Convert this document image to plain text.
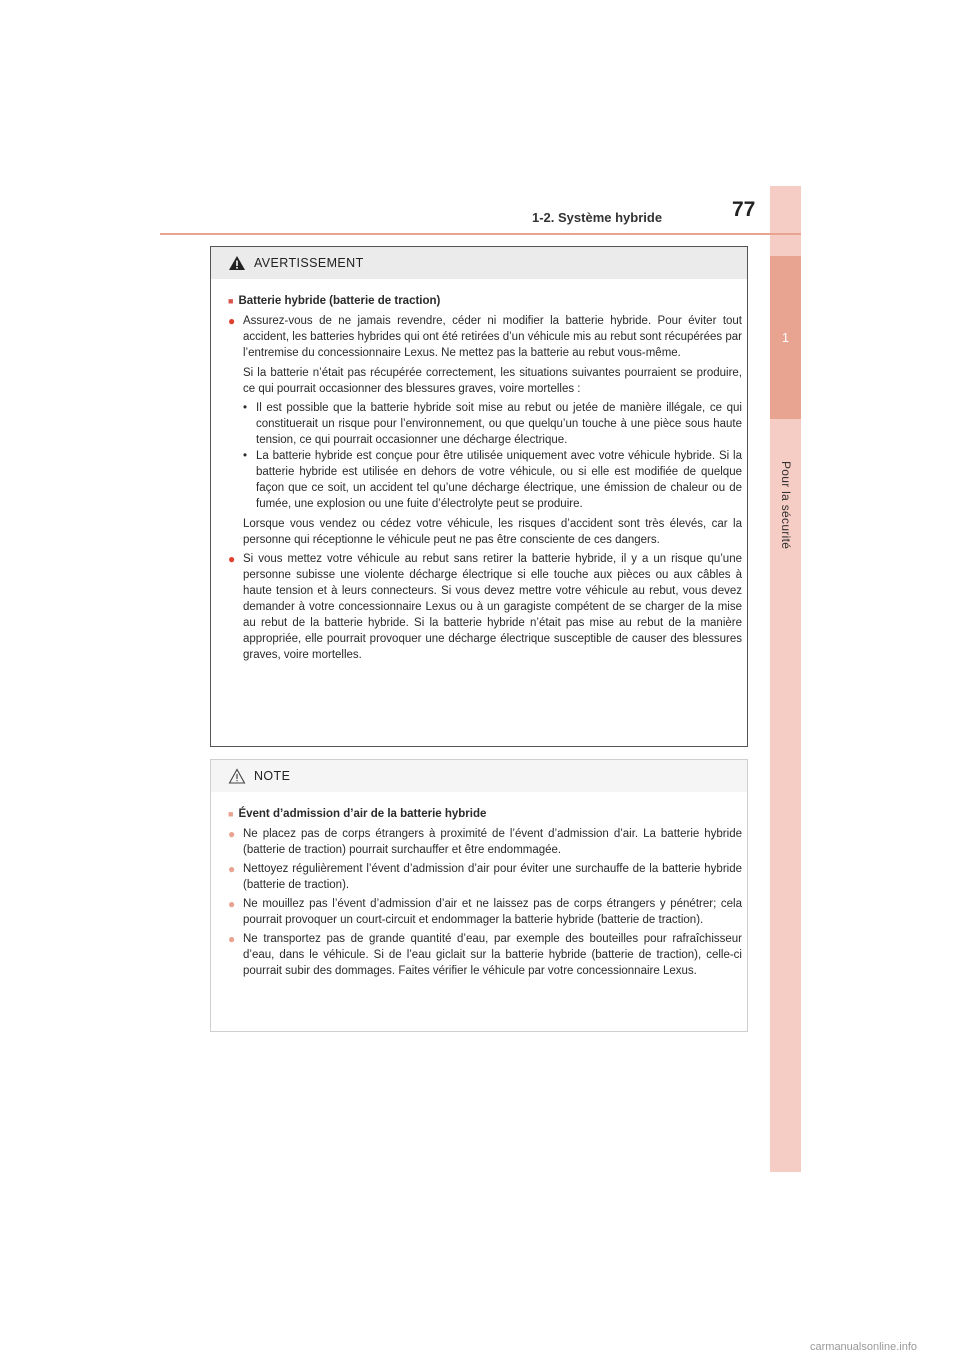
1
Pour la sécurité
1-2. Système hybride	77
AVERTISSEMENT
■ Batterie hybride (batterie de traction)
● Assurez-vous de ne jamais revendre, céder ni modifier la batterie hybride. Pour éviter tout accident, les batteries hybrides qui ont été retirées d’un véhicule mis au rebut sont récupérées par l’entremise du concessionnaire Lexus. Ne mettez pas la batterie au rebut vous-même.
Si la batterie n’était pas récupérée correctement, les situations suivantes pourraient se produire, ce qui pourrait occasionner des blessures graves, voire mortelles :
• Il est possible que la batterie hybride soit mise au rebut ou jetée de manière illégale, ce qui constituerait un risque pour l’environnement, ou que quelqu’un touche à une pièce sous haute tension, ce qui pourrait occasionner une décharge électrique.
• La batterie hybride est conçue pour être utilisée uniquement avec votre véhicule hybride. Si la batterie hybride est utilisée en dehors de votre véhicule, ou si elle est modifiée de quelque façon que ce soit, un accident tel qu’une décharge électrique, une émission de chaleur ou de fumée, une explosion ou une fuite d’électrolyte peut se produire.
Lorsque vous vendez ou cédez votre véhicule, les risques d’accident sont très élevés, car la personne qui réceptionne le véhicule peut ne pas être consciente de ces dangers.
● Si vous mettez votre véhicule au rebut sans retirer la batterie hybride, il y a un risque qu’une personne subisse une violente décharge électrique si elle touche aux pièces ou aux câbles à haute tension et à leurs connecteurs. Si vous devez mettre votre véhicule au rebut, vous devez demander à votre concessionnaire Lexus ou à un garagiste compétent de se charger de la mise au rebut de la batterie hybride. Si la batterie hybride n’était pas mise au rebut de la manière appropriée, elle pourrait provoquer une décharge électrique susceptible de causer des blessures graves, voire mortelles.
NOTE
■ Évent d’admission d’air de la batterie hybride
● Ne placez pas de corps étrangers à proximité de l’évent d’admission d’air. La batterie hybride (batterie de traction) pourrait surchauffer et être endommagée.
● Nettoyez régulièrement l’évent d’admission d’air pour éviter une surchauffe de la batterie hybride (batterie de traction).
● Ne mouillez pas l’évent d’admission d’air et ne laissez pas de corps étrangers y pénétrer; cela pourrait provoquer un court-circuit et endommager la batterie hybride (batterie de traction).
● Ne transportez pas de grande quantité d’eau, par exemple des bouteilles pour rafraîchisseur d’eau, dans le véhicule. Si de l’eau giclait sur la batterie hybride (batterie de traction), celle-ci pourrait subir des dommages. Faites vérifier le véhicule par votre concessionnaire Lexus.
carmanualsonline.info
